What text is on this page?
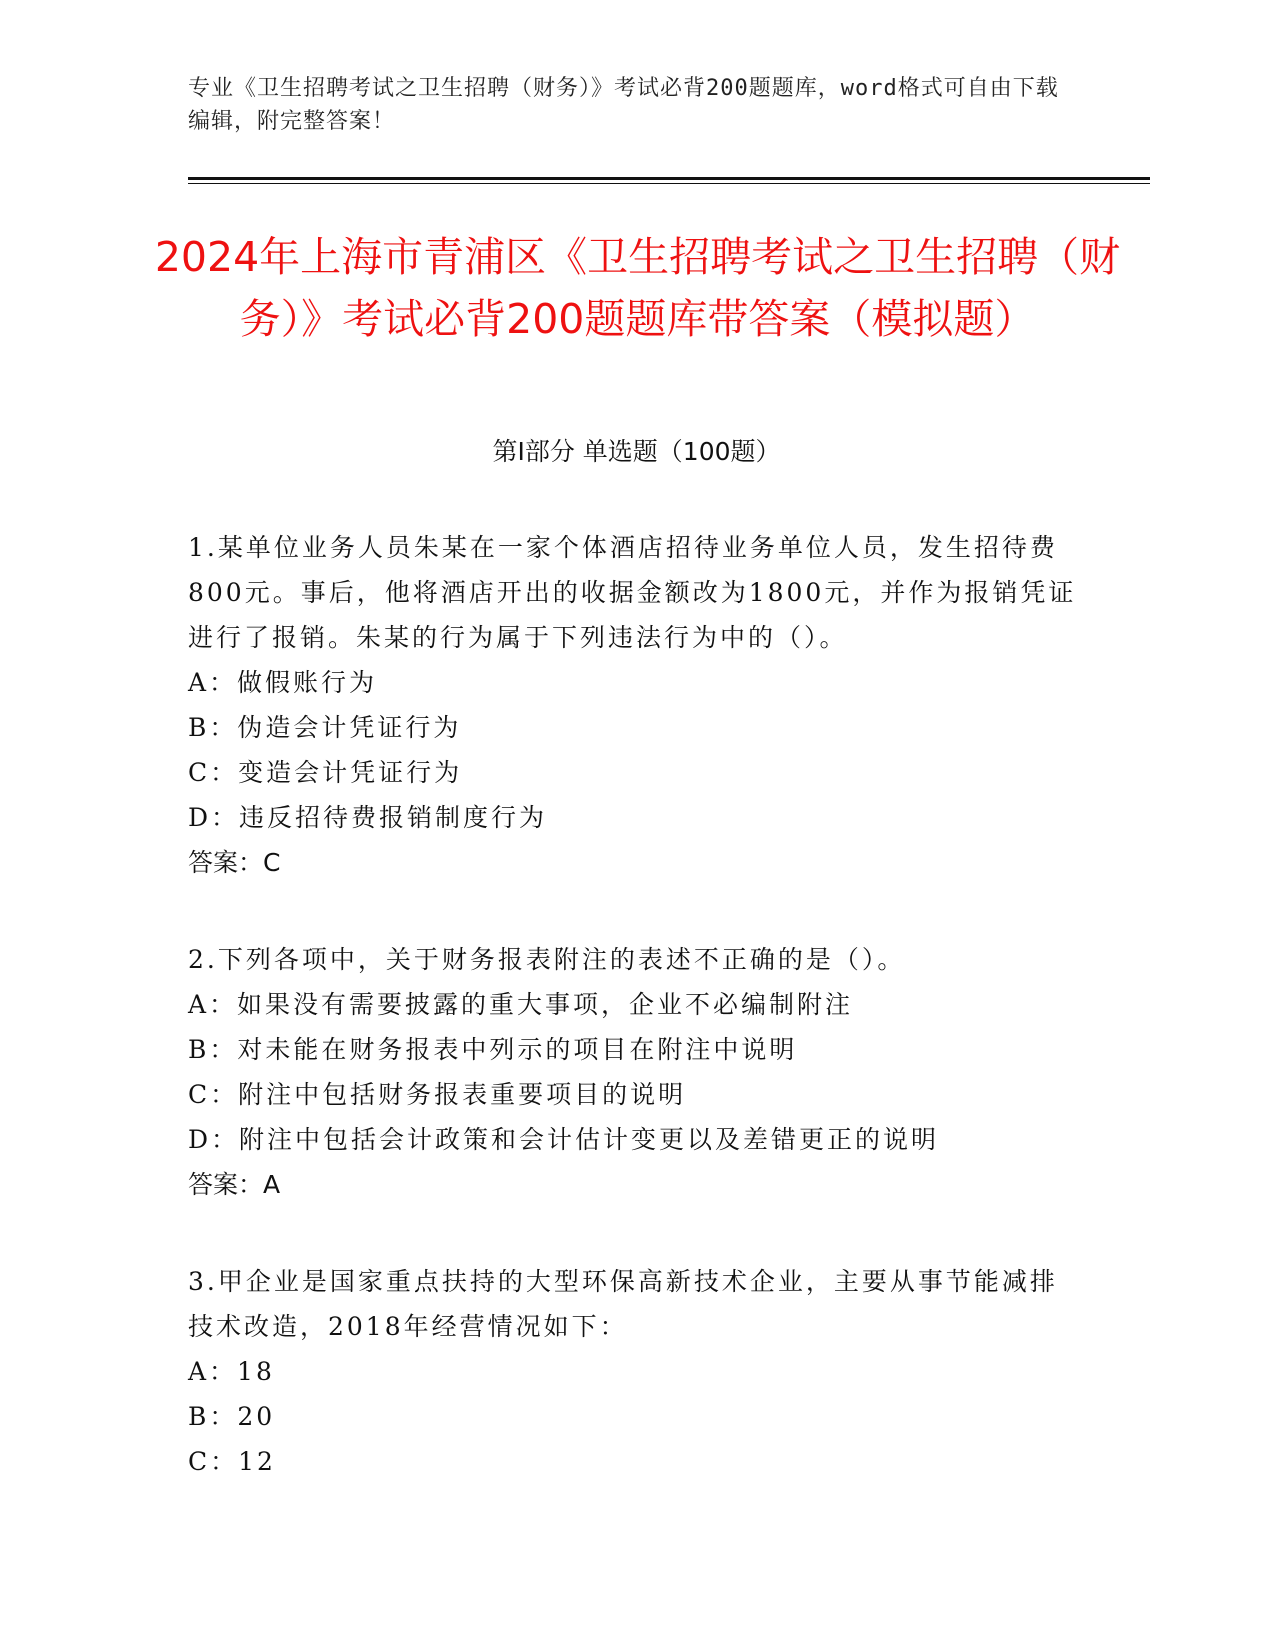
专业《卫生招聘考试之卫生招聘（财务）》考试必背200题题库，word格式可自由下载编辑，附完整答案！
2024年上海市青浦区《卫生招聘考试之卫生招聘（财务）》考试必背200题题库带答案（模拟题）
第I部分 单选题（100题）
1.某单位业务人员朱某在一家个体酒店招待业务单位人员，发生招待费800元。事后，他将酒店开出的收据金额改为1800元，并作为报销凭证进行了报销。朱某的行为属于下列违法行为中的（）。
A：做假账行为
B：伪造会计凭证行为
C：变造会计凭证行为
D：违反招待费报销制度行为
答案：C
2.下列各项中，关于财务报表附注的表述不正确的是（）。
A：如果没有需要披露的重大事项，企业不必编制附注
B：对未能在财务报表中列示的项目在附注中说明
C：附注中包括财务报表重要项目的说明
D：附注中包括会计政策和会计估计变更以及差错更正的说明
答案：A
3.甲企业是国家重点扶持的大型环保高新技术企业，主要从事节能减排技术改造，2018年经营情况如下：
A：18
B：20
C：12
